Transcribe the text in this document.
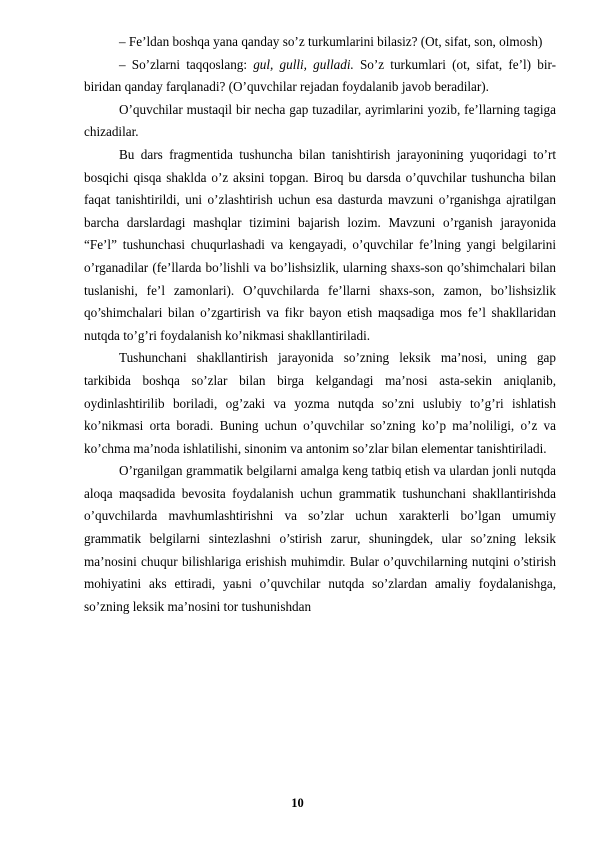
– Fe’ldan boshqa yana qanday so’z turkumlarini bilasiz? (Ot, sifat, son, olmosh)

– So’zlarni taqqoslang: gul, gulli, gulladi. So’z turkumlari (ot, sifat, fe’l) bir-biridan qanday farqlanadi? (O’quvchilar rejadan foydalanib javob beradilar).

O’quvchilar mustaqil bir necha gap tuzadilar, ayrimlarini yozib, fe’llarning tagiga chizadilar.

Bu dars fragmentida tushuncha bilan tanishtirish jarayonining yuqoridagi to’rt bosqichi qisqa shaklda o’z aksini topgan. Biroq bu darsda o’quvchilar tushuncha bilan faqat tanishtirildi, uni o’zlashtirish uchun esa dasturda mavzuni o’rganishga ajratilgan barcha darslardagi mashqlar tizimini bajarish lozim. Mavzuni o’rganish jarayonida “Fe’l” tushunchasi chuqurlashadi va kengayadi, o’quvchilar fe’lning yangi belgilarini o’rganadilar (fe’llarda bo’lishli va bo’lishsizlik, ularning shaxs-son qo’shimchalari bilan tuslanishi, fe’l zamonlari). O’quvchilarda fe’llarni shaxs-son, zamon, bo’lishsizlik qo’shimchalari bilan o’zgartirish va fikr bayon etish maqsadiga mos fe’l shakllaridan nutqda to’g’ri foydalanish ko’nikmasi shakllantiriladi.

Tushunchani shakllantirish jarayonida so’zning leksik ma’nosi, uning gap tarkibida boshqa so’zlar bilan birga kelgandagi ma’nosi asta-sekin aniqlanib, oydinlashtirilib boriladi, og’zaki va yozma nutqda so’zni uslubiy to’g’ri ishlatish ko’nikmasi orta boradi. Buning uchun o’quvchilar so’zning ko’p ma’noliligi, o’z va ko’chma ma’noda ishlatilishi, sinonim va antonim so’zlar bilan elementar tanishtiriladi.

O’rganilgan grammatik belgilarni amalga keng tatbiq etish va ulardan jonli nutqda aloqa maqsadida bevosita foydalanish uchun grammatik tushunchani shakllantirishda o’quvchilarda mavhumlashtirishni va so’zlar uchun xarakterli bo’lgan umumiy grammatik belgilarni sintezlashni o’stirish zarur, shuningdek, ular so’zning leksik ma’nosini chuqur bilishlariga erishish muhimdir. Bular o’quvchilarning nutqini o’stirish mohiyatini aks ettiradi, yaьni o’quvchilar nutqda so’zlardan amaliy foydalanishga, so’zning leksik ma’nosini tor tushunishdan

10
